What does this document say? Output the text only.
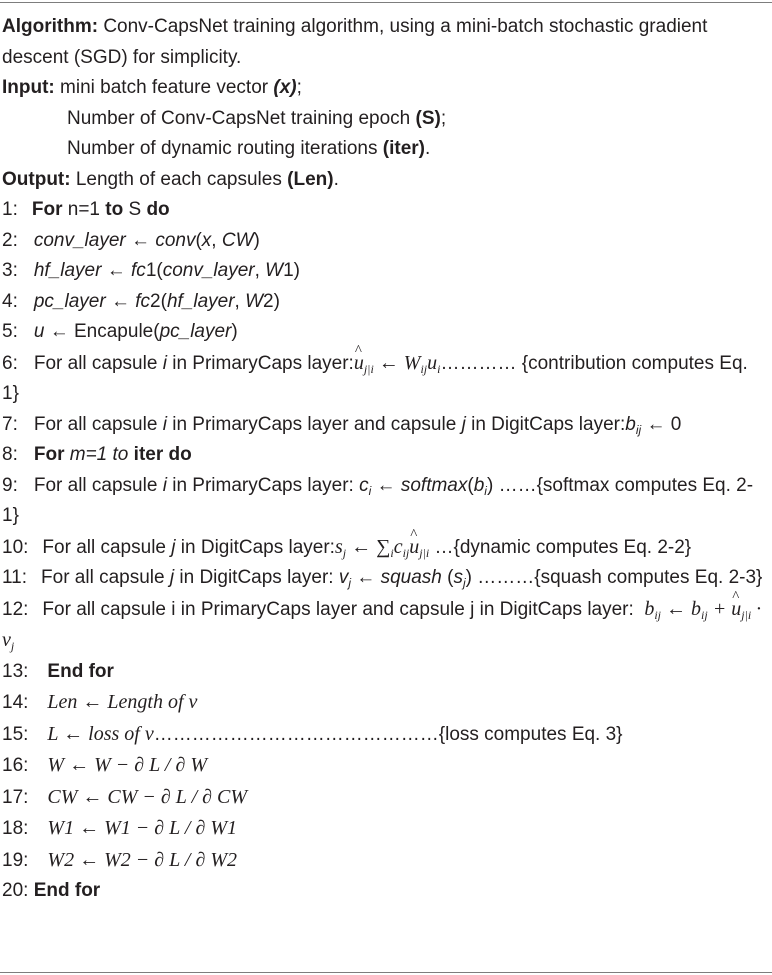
Algorithm: Conv-CapsNet training algorithm, using a mini-batch stochastic gradient descent (SGD) for simplicity.
Input: mini batch feature vector (x);
Number of Conv-CapsNet training epoch (S);
Number of dynamic routing iterations (iter).
Output: Length of each capsules (Len).
1: For n=1 to S do
2: conv_layer ← conv(x, CW)
3: hf_layer ← fc1(conv_layer, W1)
4: pc_layer ← fc2(hf_layer, W2)
5: u ← Encapule(pc_layer)
6: For all capsule i in PrimaryCaps layer:^ $u_{j|i}$ ← $W_{ij}u_i\dots\dots\dots\dots$ {contribution computes Eq. 1}
7: For all capsule i in PrimaryCaps layer and capsule j in DigitCaps $layer:b_{ij}$ ← 0
8: For m=1 to iter do
9: For all capsule i in PrimaryCaps layer: $c_i$ ← $softmax(b_i)$ ……{softmax computes Eq. 2-1}
10: For all capsule j in DigitCaps $layer:s_j$ ← $\sum_ic_{ij}\^{}$ $u_{j|i}$ …{dynamic computes Eq. 2-2}
11: For all capsule j in DigitCaps layer: $v_j$ ← squash $(s_j)$ ………{squash computes Eq. 2-3}
12: For all capsule i in PrimaryCaps layer and capsule j in DigitCaps layer: $b_{ij}$ ← $b_{ij}$ + ^ $u_{j|i} \cdot v_j$
13: End for
14: Len ← Length of v
15: L ← loss of v………………………………………{loss computes Eq. 3}
16: W ← W − ∂ L / ∂ W
17: CW ← CW − ∂ L / ∂ CW
18: W1 ← W1 − ∂ L / ∂ W1
19: W2 ← W2 − ∂ L / ∂ W2
20: End for
